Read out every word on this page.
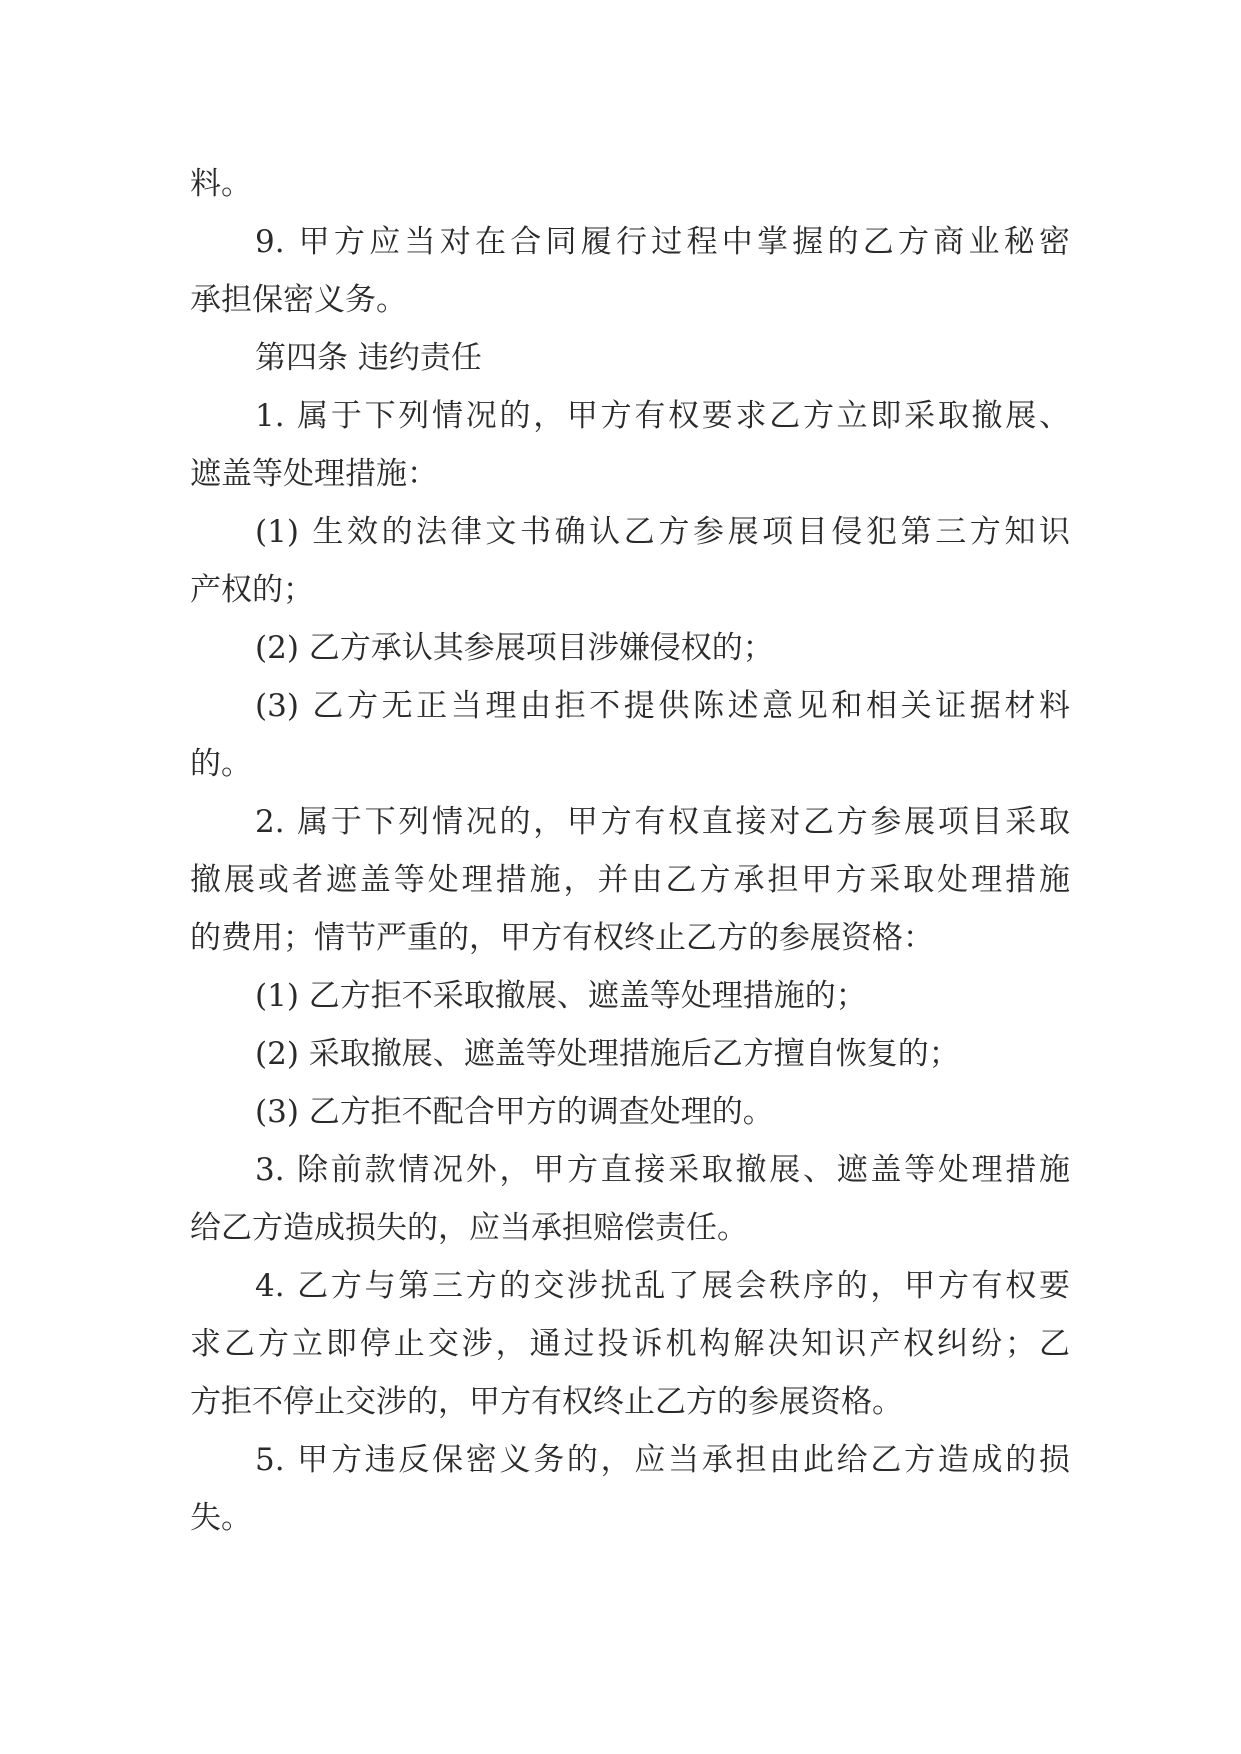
料。
9. 甲方应当对在合同履行过程中掌握的乙方商业秘密
承担保密义务。
第四条 违约责任
1. 属于下列情况的，甲方有权要求乙方立即采取撤展、
遮盖等处理措施：
(1) 生效的法律文书确认乙方参展项目侵犯第三方知识
产权的；
(2) 乙方承认其参展项目涉嫌侵权的；
(3) 乙方无正当理由拒不提供陈述意见和相关证据材料
的。
2. 属于下列情况的，甲方有权直接对乙方参展项目采取
撤展或者遮盖等处理措施，并由乙方承担甲方采取处理措施
的费用；情节严重的，甲方有权终止乙方的参展资格：
(1) 乙方拒不采取撤展、遮盖等处理措施的；
(2) 采取撤展、遮盖等处理措施后乙方擅自恢复的；
(3) 乙方拒不配合甲方的调查处理的。
3. 除前款情况外，甲方直接采取撤展、遮盖等处理措施
给乙方造成损失的，应当承担赔偿责任。
4. 乙方与第三方的交涉扰乱了展会秩序的，甲方有权要
求乙方立即停止交涉，通过投诉机构解决知识产权纠纷；乙
方拒不停止交涉的，甲方有权终止乙方的参展资格。
5. 甲方违反保密义务的，应当承担由此给乙方造成的损
失。
